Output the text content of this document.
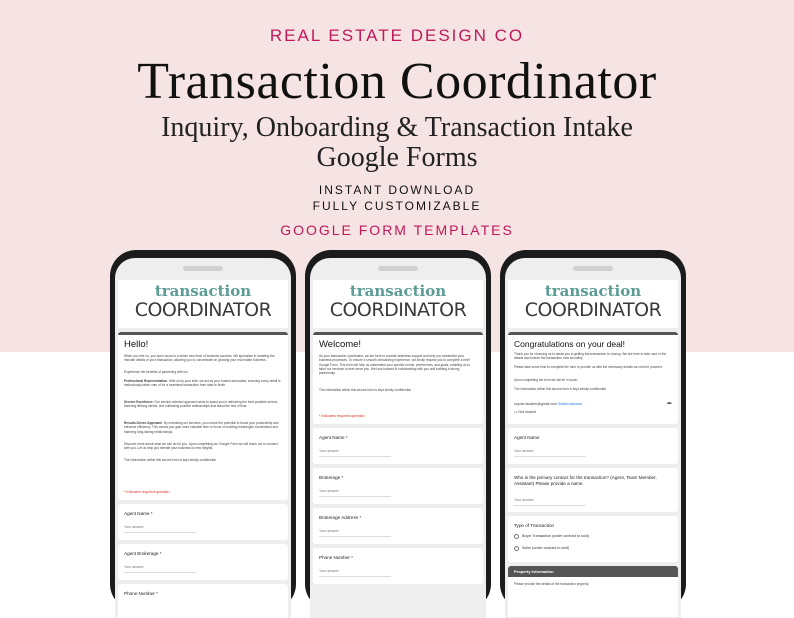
REAL ESTATE DESIGN CO
Transaction Coordinator
Inquiry, Onboarding & Transaction Intake
Google Forms
INSTANT DOWNLOAD
FULLY CUSTOMIZABLE
GOOGLE FORM TEMPLATES
transaction
COORDINATOR
Hello!
When you hire us, you open doors to a whole new level of business success. We specialize in handling the intricate details of your transaction, allowing you to concentrate on growing your real estate business.
Experience the benefits of partnering with us!
Professional Representation. With us by your side, we act as your trusted advocates, ensuring every detail is meticulously taken care of for a seamless transaction from start to finish.
Service Excellence: Our service-oriented approach aims to assist you in delivering the best possible service, fostering lifelong clients, and cultivating positive relationships that stand the test of time.
Results-Driven Approach. By entrusting our services, you unlock the potential to boost your productivity and enhance efficiency. This means you gain more valuable time to focus on building meaningful connections and fostering long-lasting relationships.
Discover more about what we can do for you. Upon completing our Google Form we will reach out to connect with you. Let us help you elevate your business to new heights.
The information within this secure form is kept strictly confidential
* Indicates required question
Agent Name *
Your answer
Agent Brokerage *
Your answer
Phone Number *
transaction
COORDINATOR
Welcome!
As your transaction coordinator, we are here to provide seamless support and help you streamline your business processes. To ensure a smooth onboarding experience, we kindly request you to complete a brief Google Form. This form will help us understand your specific needs, preferences, and goals, enabling us to tailor our services to best serve you. We look forward to collaborating with you and building a strong partnership.
The information within this secure form is kept strictly confidential
* Indicates required question
Agent Name *
Your answer
Brokerage *
Your answer
Brokerage Address *
Your answer
Phone Number *
Your answer
transaction
COORDINATOR
Congratulations on your deal!
Thank you for choosing us to assist you in getting this transaction to closing. We are here to take care of the details and ensure the transaction runs smoothly.
Please take some time to complete the form to provide us with the necessary details we need to proceed.
Upon completing the form we will be in touch.
The information within this secure form is kept strictly confidential
snyder.lacates@gmail.com Switch account	☁
▭ Not shared
Agent Name
Your answer
Who is the primary contact for the transaction? (Agent, Team Member, Assistant) Please provide a name.
Your answer
Type of Transaction
Buyer Transaction (under contract to sold)
Seller (under contract to sold)
Property Information
Please provide the details of the transaction property.
